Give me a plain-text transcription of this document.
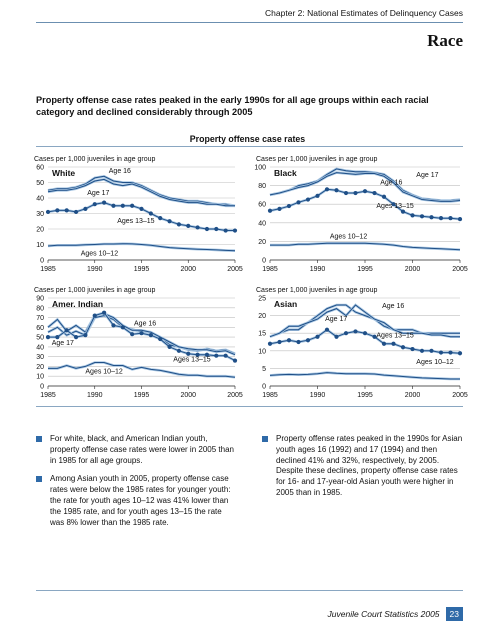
Chapter 2: National Estimates of Delinquency Cases
Race
Property offense case rates peaked in the early 1990s for all age groups within each racial category and declined considerably through 2005
Property offense case rates
Cases per 1,000 juveniles in age group
0
10
20
30
40
50
60
1985	1990	1995	2000	2005
White
Age 17
Age 16
Ages 13–15
Ages 10–12
Cases per 1,000 juveniles in age group
0
20
40
60
80
100
1985	1990	1995	2000	2005
Black	Age 17
Age 16
Ages 13–15
Ages 10–12
Cases per 1,000 juveniles in age group
0
10
20
30
40
50
60
70
80
90
1985	1990	1995	2000	2005
Amer. Indian
Age 17
Age 16
Ages 13–15
Ages 10–12
Cases per 1,000 juveniles in age group
0
5
10
15
20
25
1985	1990	1995	2000	2005
Asian
Age 17
Age 16
Ages 13–15
Ages 10–12
For white, black, and American Indian youth, property offense case rates were lower in 2005 than in 1985 for all age groups.
Among Asian youth in 2005, property offense case rates were below the 1985 rates for younger youth: the rate for youth ages 10–12 was 41% lower than the 1985 rate, and for youth ages 13–15 the rate was 8% lower than the 1985 rate.
Property offense rates peaked in the 1990s for Asian youth ages 16 (1992) and 17 (1994) and then declined 41% and 32%, respectively, by 2005. Despite these declines, property offense case rates for 16- and 17-year-old Asian youth were higher in 2005 than in 1985.
Juvenile Court Statistics 2005	23
